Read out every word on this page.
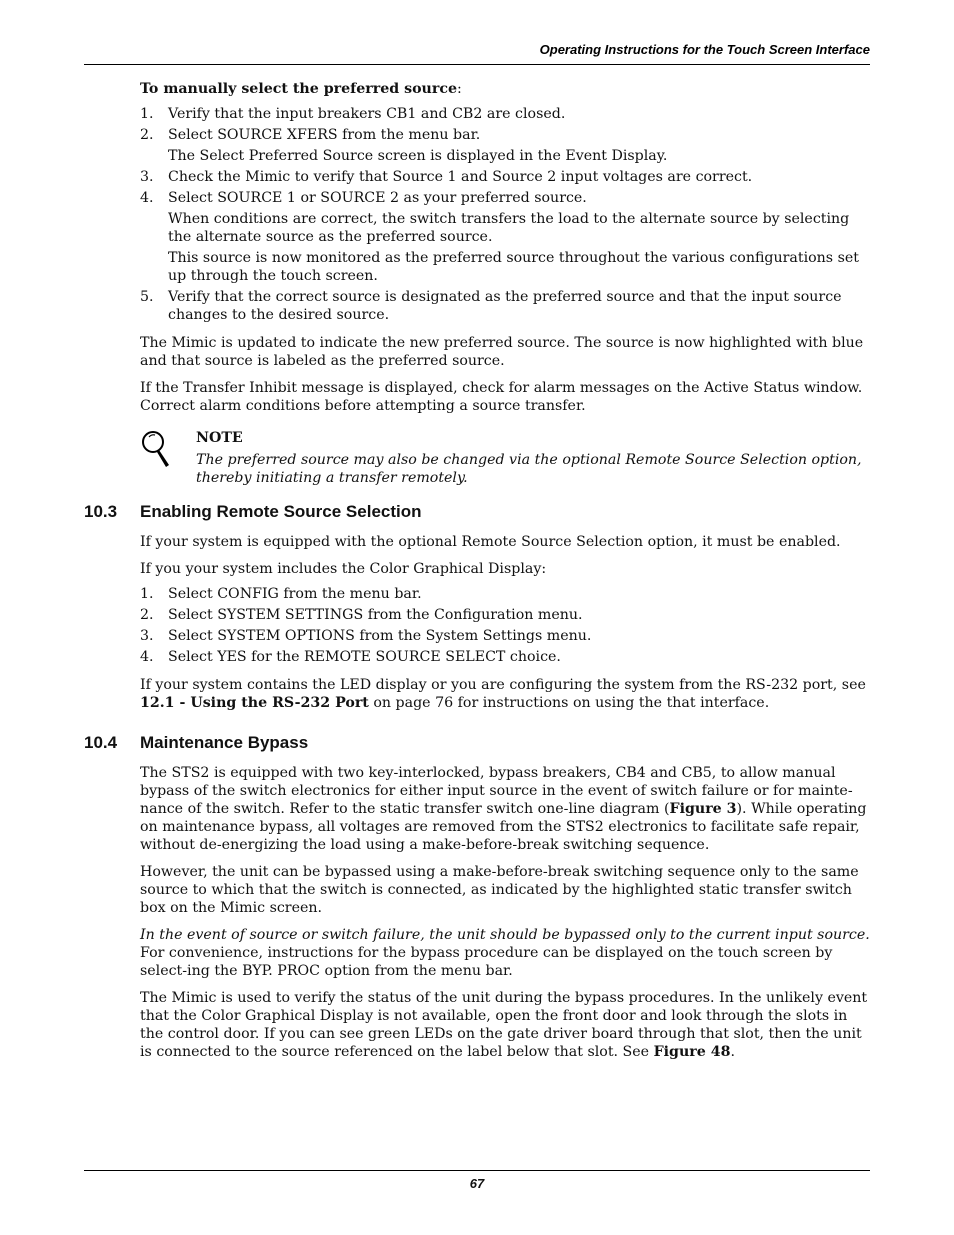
Operating Instructions for the Touch Screen Interface

To manually select the preferred source:

1. Verify that the input breakers CB1 and CB2 are closed.
2. Select SOURCE XFERS from the menu bar.
The Select Preferred Source screen is displayed in the Event Display.
3. Check the Mimic to verify that Source 1 and Source 2 input voltages are correct.
4. Select SOURCE 1 or SOURCE 2 as your preferred source.
When conditions are correct, the switch transfers the load to the alternate source by selecting the alternate source as the preferred source.
This source is now monitored as the preferred source throughout the various configurations set up through the touch screen.
5. Verify that the correct source is designated as the preferred source and that the input source changes to the desired source.

The Mimic is updated to indicate the new preferred source. The source is now highlighted with blue and that source is labeled as the preferred source.

If the Transfer Inhibit message is displayed, check for alarm messages on the Active Status window. Correct alarm conditions before attempting a source transfer.

NOTE
The preferred source may also be changed via the optional Remote Source Selection option, thereby initiating a transfer remotely.
10.3 Enabling Remote Source Selection

If your system is equipped with the optional Remote Source Selection option, it must be enabled.

If you your system includes the Color Graphical Display:

1. Select CONFIG from the menu bar.
2. Select SYSTEM SETTINGS from the Configuration menu.
3. Select SYSTEM OPTIONS from the System Settings menu.
4. Select YES for the REMOTE SOURCE SELECT choice.

If your system contains the LED display or you are configuring the system from the RS-232 port, see 12.1 - Using the RS-232 Port on page 76 for instructions on using the that interface.

10.4 Maintenance Bypass

The STS2 is equipped with two key-interlocked, bypass breakers, CB4 and CB5, to allow manual bypass of the switch electronics for either input source in the event of switch failure or for mainte-nance of the switch. Refer to the static transfer switch one-line diagram (Figure 3). While operating on maintenance bypass, all voltages are removed from the STS2 electronics to facilitate safe repair, without de-energizing the load using a make-before-break switching sequence.

However, the unit can be bypassed using a make-before-break switching sequence only to the same source to which that the switch is connected, as indicated by the highlighted static transfer switch box on the Mimic screen.

In the event of source or switch failure, the unit should be bypassed only to the current input source. For convenience, instructions for the bypass procedure can be displayed on the touch screen by select-ing the BYP. PROC option from the menu bar.

The Mimic is used to verify the status of the unit during the bypass procedures. In the unlikely event that the Color Graphical Display is not available, open the front door and look through the slots in the control door. If you can see green LEDs on the gate driver board through that slot, then the unit is connected to the source referenced on the label below that slot. See Figure 48.

67
